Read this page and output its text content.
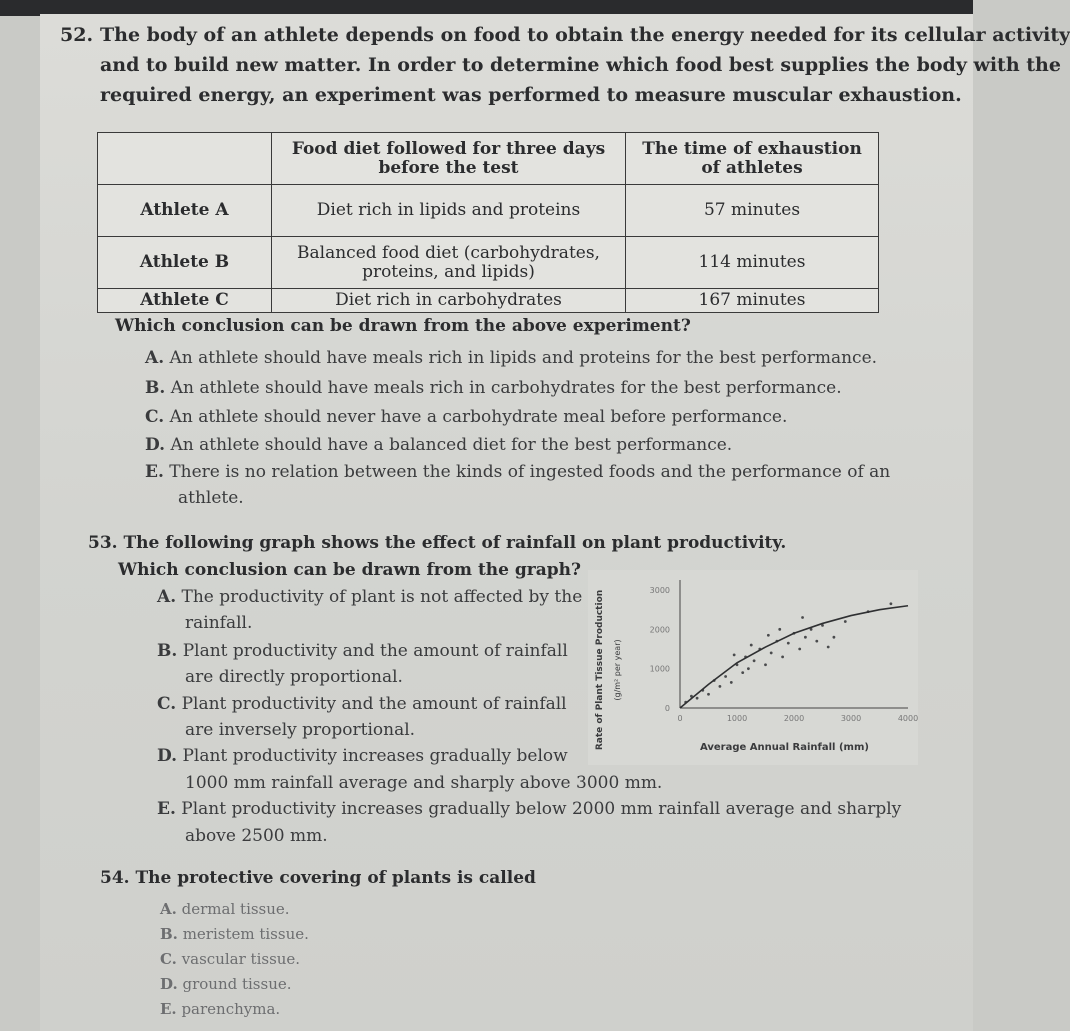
52. The body of an athlete depends on food to obtain the energy needed for its cellular activity
and to build new matter. In order to determine which food best supplies the body with the
required energy, an experiment was performed to measure muscular exhaustion.
	Food diet followed for three days before the test	The time of exhaustion of athletes
Athlete A	Diet rich in lipids and proteins	57 minutes
Athlete B	Balanced food diet (carbohydrates, proteins, and lipids)	114 minutes
Athlete C	Diet rich in carbohydrates	167 minutes
Which conclusion can be drawn from the above experiment?
A. An athlete should have meals rich in lipids and proteins for the best performance.
B. An athlete should have meals rich in carbohydrates for the best performance.
C. An athlete should never have a carbohydrate meal before performance.
D. An athlete should have a balanced diet for the best performance.
E. There is no relation between the kinds of ingested foods and the performance of an
athlete.
53. The following graph shows the effect of rainfall on plant productivity.
Which conclusion can be drawn from the graph?
A. The productivity of plant is not affected by the
rainfall.
B. Plant productivity and the amount of rainfall
are directly proportional.
C. Plant productivity and the amount of rainfall
are inversely proportional.
D. Plant productivity increases gradually below
1000 mm rainfall average and sharply above 3000 mm.
E. Plant productivity increases gradually below 2000 mm rainfall average and sharply
above 2500 mm.
0
1000
2000
3000
0	1000	2000	3000	4000
Rate of Plant Tissue Production (g/m² per year)
Average Annual Rainfall (mm)
54. The protective covering of plants is called
A. dermal tissue.
B. meristem tissue.
C. vascular tissue.
D. ground tissue.
E. parenchyma.
